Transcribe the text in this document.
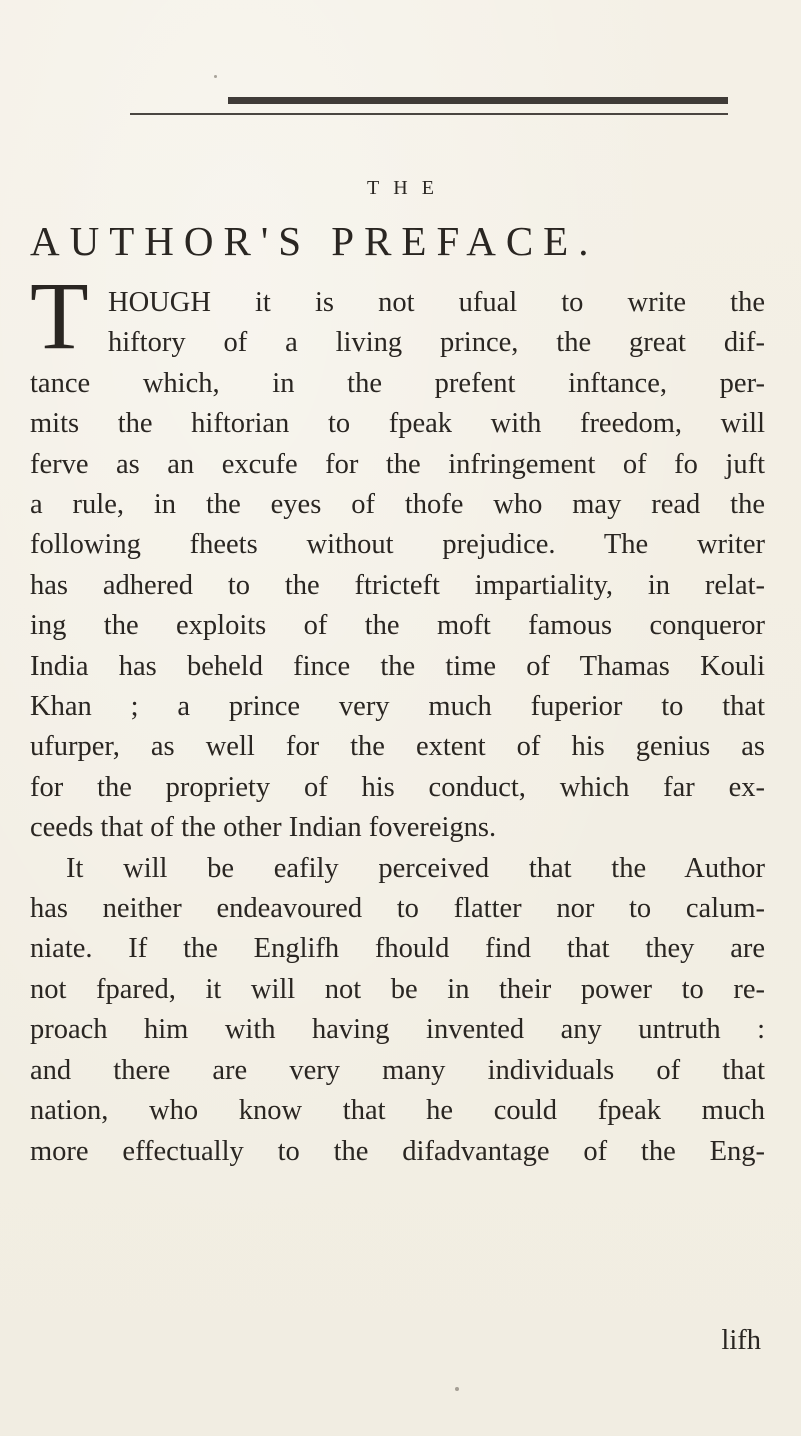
THE
AUTHOR'S PREFACE.
T HOUGH it is not ufual to write the
hiftory of a living prince, the great dif-
tance which, in the prefent inftance, per-
mits the hiftorian to fpeak with freedom, will
ferve as an excufe for the infringement of fo juft
a rule, in the eyes of thofe who may read the
following fheets without prejudice. The writer
has adhered to the ftricteft impartiality, in relat-
ing the exploits of the moft famous conqueror
India has beheld fince the time of Thamas Kouli
Khan ; a prince very much fuperior to that
ufurper, as well for the extent of his genius as
for the propriety of his conduct, which far ex-
ceeds that of the other Indian fovereigns.
It will be eafily perceived that the Author
has neither endeavoured to flatter nor to calum-
niate. If the Englifh fhould find that they are
not fpared, it will not be in their power to re-
proach him with having invented any untruth :
and there are very many individuals of that
nation, who know that he could fpeak much
more effectually to the difadvantage of the Eng-
lifh
